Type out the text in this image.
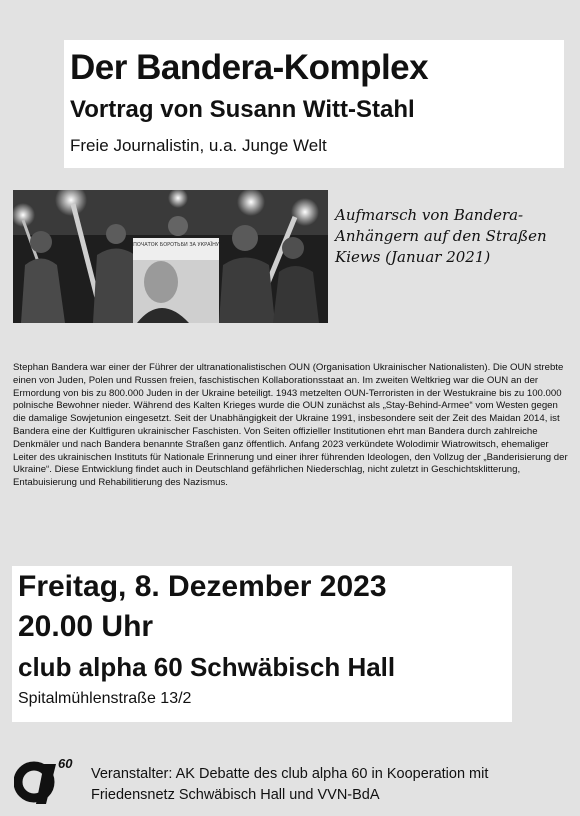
Der Bandera-Komplex
Vortrag von Susann Witt-Stahl
Freie Journalistin, u.a. Junge Welt
ПОЧАТОК БОРОТЬБИ ЗА УКРАЇНУ
Aufmarsch von Bandera-Anhängern auf den Straßen Kiews (Januar 2021)

Stephan Bandera war einer der Führer der ultranationalistischen OUN (Organisation Ukrainischer Nationalisten). Die OUN strebte einen von Juden, Polen und Russen freien, faschistischen Kollaborationsstaat an. Im zweiten Weltkrieg war die OUN an der Ermordung von bis zu 800.000 Juden in der Ukraine beteiligt. 1943 metzelten OUN-Terroristen in der Westukraine bis zu 100.000 polnische Bewohner nieder. Während des Kalten Krieges wurde die OUN zunächst als „Stay-Behind-Armee“ vom Westen gegen die damalige Sowjetunion eingesetzt. Seit der Unabhängigkeit der Ukraine 1991, insbesondere seit der Zeit des Maidan 2014, ist Bandera eine der Kultfiguren ukrainischer Faschisten. Von Seiten offizieller Institutionen ehrt man Bandera durch zahlreiche Denkmäler und nach Bandera benannte Straßen ganz öffentlich. Anfang 2023 verkündete Wolodimir Wiatrowitsch, ehemaliger Leiter des ukrainischen Instituts für Nationale Erinnerung und einer ihrer führenden Ideologen, den Vollzug der „Banderisierung der Ukraine“. Diese Entwicklung findet auch in Deutschland gefährlichen Niederschlag, nicht zuletzt in Geschichtsklitterung, Entabuisierung und Rehabilitierung des Nazismus.

Freitag, 8. Dezember 2023
20.00 Uhr
club alpha 60 Schwäbisch Hall
Spitalmühlenstraße 13/2
60
Veranstalter: AK Debatte des club alpha 60 in Kooperation mit Friedensnetz Schwäbisch Hall und VVN-BdA
